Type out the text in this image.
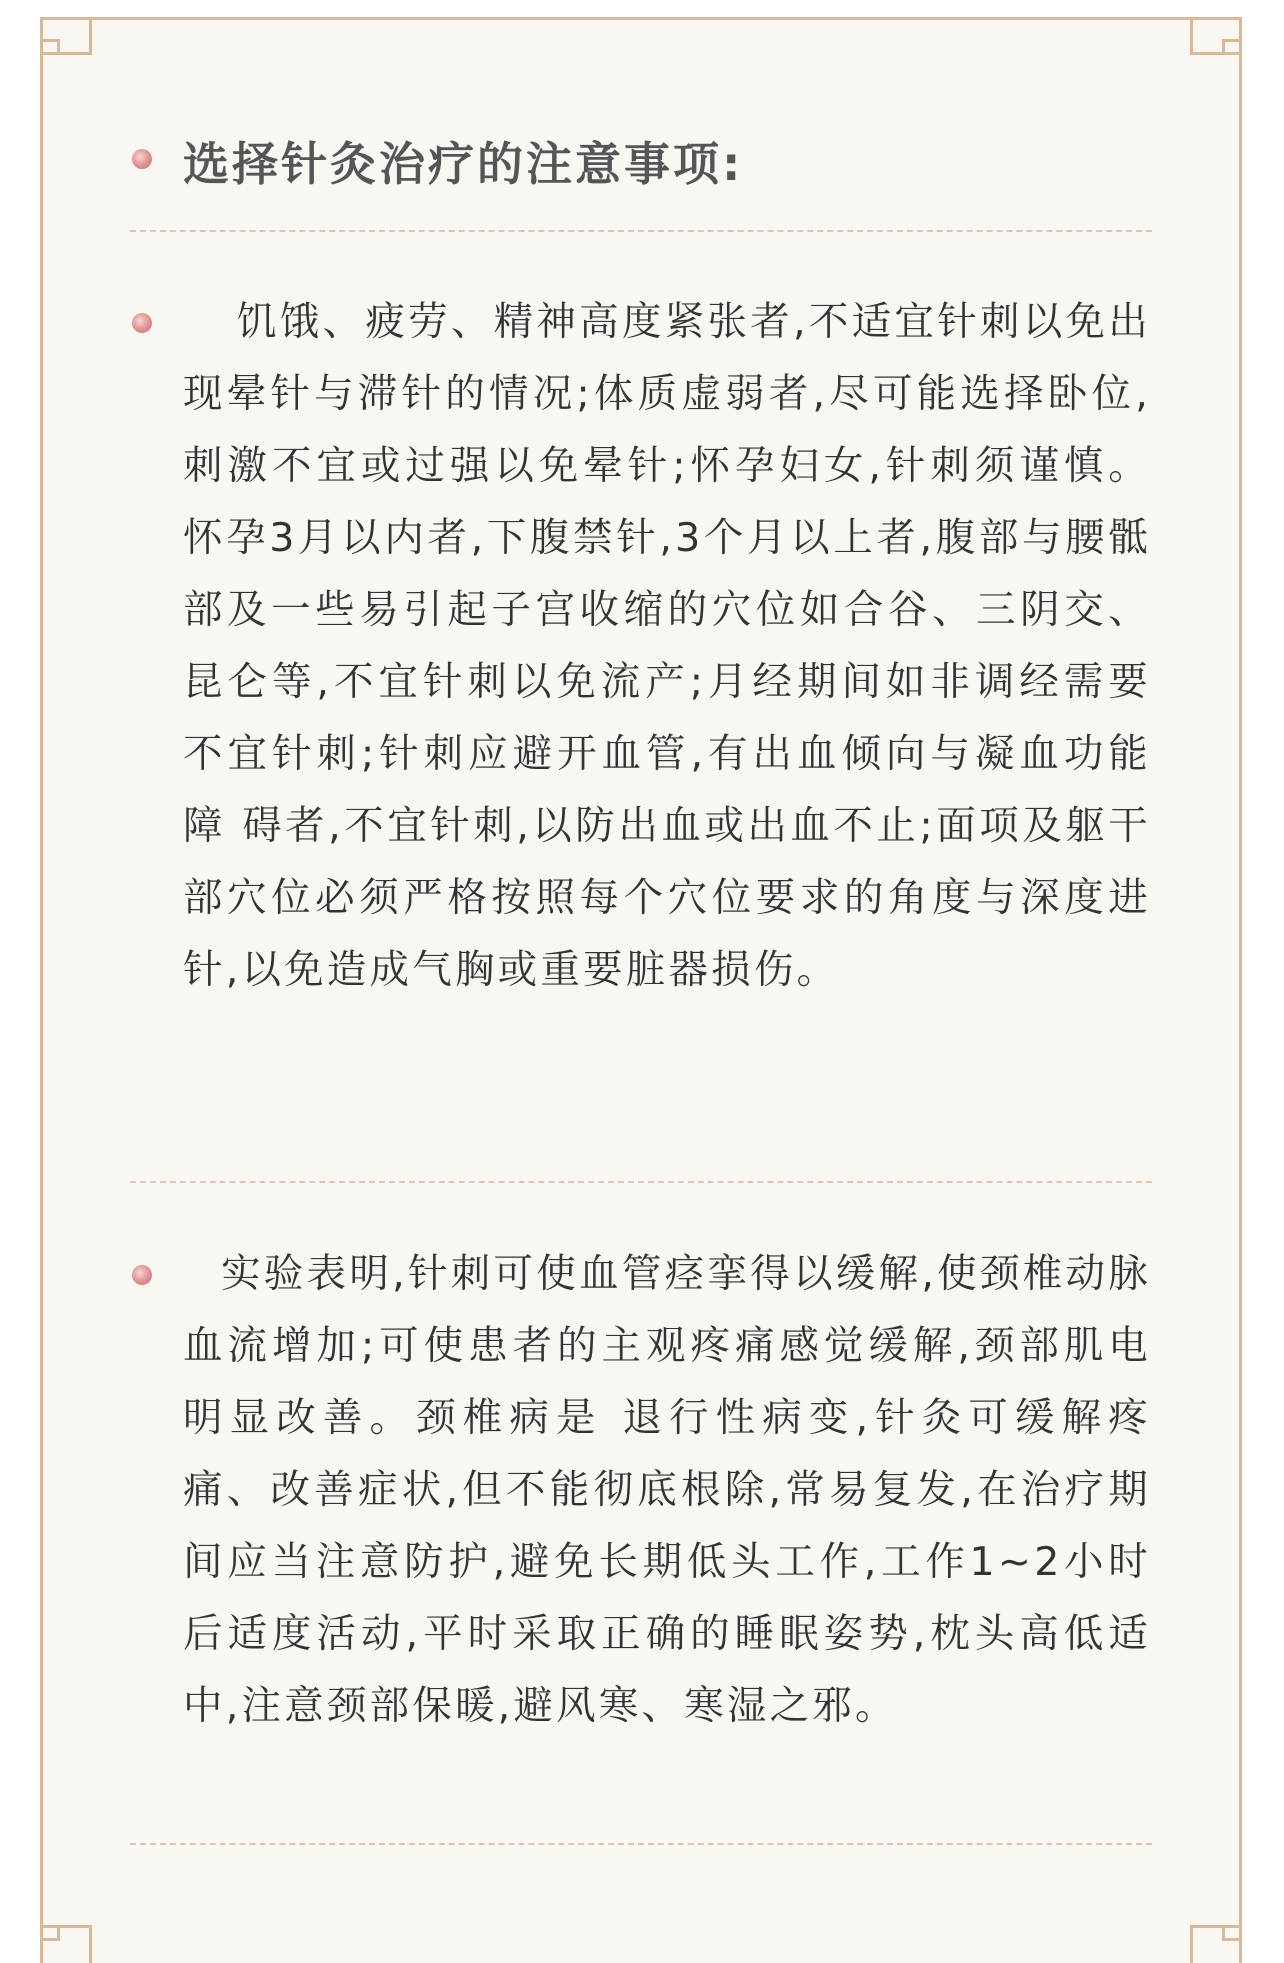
选择针灸治疗的注意事项:
饥饿、疲劳、精神高度紧张者,不适宜针刺以免出现晕针与滞针的情况;体质虚弱者,尽可能选择卧位,刺激不宜或过强以免晕针;怀孕妇女,针刺须谨慎。怀孕3月以内者,下腹禁针,3个月以上者,腹部与腰骶部及一些易引起子宫收缩的穴位如合谷、三阴交、昆仑等,不宜针刺以免流产;月经期间如非调经需要不宜针刺;针刺应避开血管,有出血倾向与凝血功能障 碍者,不宜针刺,以防出血或出血不止;面项及躯干部穴位必须严格按照每个穴位要求的角度与深度进针,以免造成气胸或重要脏器损伤。
实验表明,针刺可使血管痉挛得以缓解,使颈椎动脉血流增加;可使患者的主观疼痛感觉缓解,颈部肌电明显改善。颈椎病是 退行性病变,针灸可缓解疼痛、改善症状,但不能彻底根除,常易复发,在治疗期间应当注意防护,避免长期低头工作,工作1~2小时后适度活动,平时采取正确的睡眠姿势,枕头高低适中,注意颈部保暖,避风寒、寒湿之邪。
